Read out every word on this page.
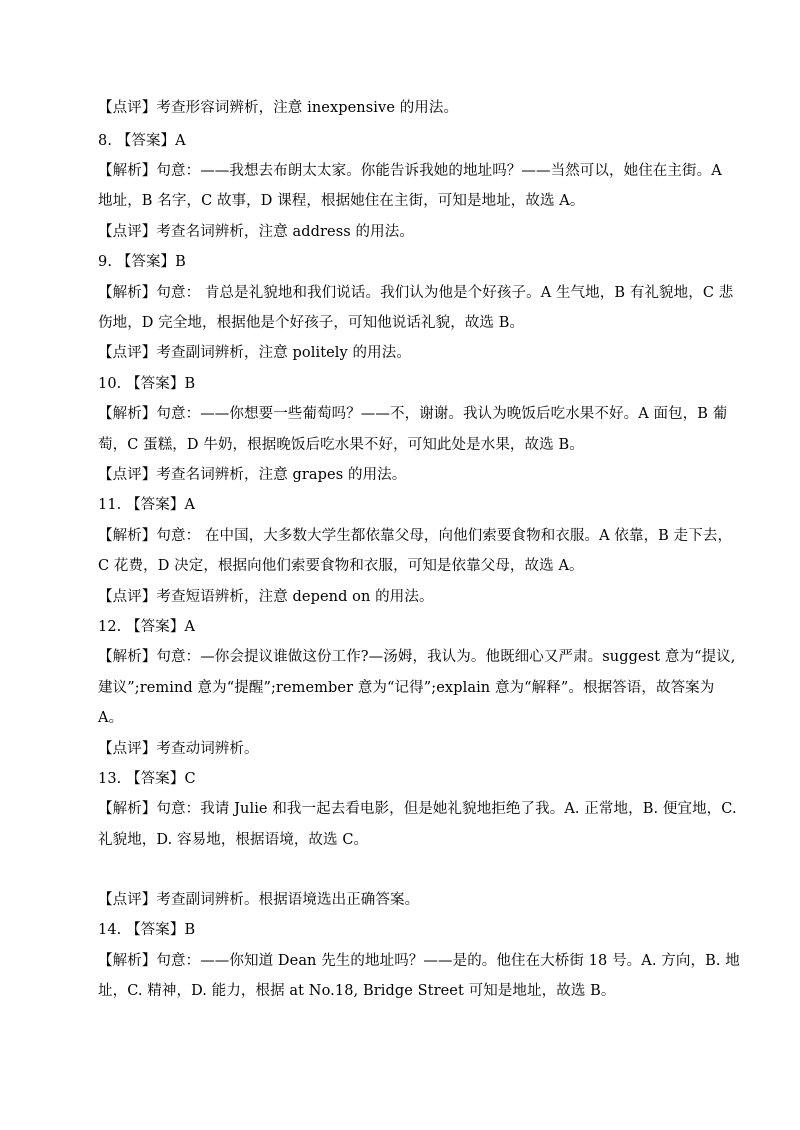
【点评】考查形容词辨析，注意 inexpensive 的用法。
8. 【答案】A
【解析】句意：——我想去布朗太太家。你能告诉我她的地址吗？——当然可以，她住在主街。A
地址，B 名字，C 故事，D 课程，根据她住在主街，可知是地址，故选 A。
【点评】考查名词辨析，注意 address 的用法。
9. 【答案】B
【解析】句意： 肯总是礼貌地和我们说话。我们认为他是个好孩子。A 生气地，B 有礼貌地，C 悲
伤地，D 完全地，根据他是个好孩子，可知他说话礼貌，故选 B。
【点评】考查副词辨析，注意 politely 的用法。
10. 【答案】B
【解析】句意：——你想要一些葡萄吗？——不，谢谢。我认为晚饭后吃水果不好。A 面包，B 葡
萄，C 蛋糕，D 牛奶，根据晚饭后吃水果不好，可知此处是水果，故选 B。
【点评】考查名词辨析，注意 grapes 的用法。
11. 【答案】A
【解析】句意： 在中国，大多数大学生都依靠父母，向他们索要食物和衣服。A 依靠，B 走下去，
C 花费，D 决定，根据向他们索要食物和衣服，可知是依靠父母，故选 A。
【点评】考查短语辨析，注意 depend on 的用法。
12. 【答案】A
【解析】句意：—你会提议谁做这份工作?—汤姆，我认为。他既细心又严肃。suggest 意为“提议,
建议”;remind 意为“提醒”;remember 意为“记得”;explain 意为“解释”。根据答语，故答案为
A。
【点评】考查动词辨析。
13. 【答案】C
【解析】句意：我请 Julie 和我一起去看电影，但是她礼貌地拒绝了我。A. 正常地，B. 便宜地，C.
礼貌地，D. 容易地，根据语境，故选 C。
【点评】考查副词辨析。根据语境选出正确答案。
14. 【答案】B
【解析】句意：——你知道 Dean 先生的地址吗？——是的。他住在大桥街 18 号。A. 方向，B. 地
址，C. 精神，D. 能力，根据 at No.18, Bridge Street 可知是地址，故选 B。
